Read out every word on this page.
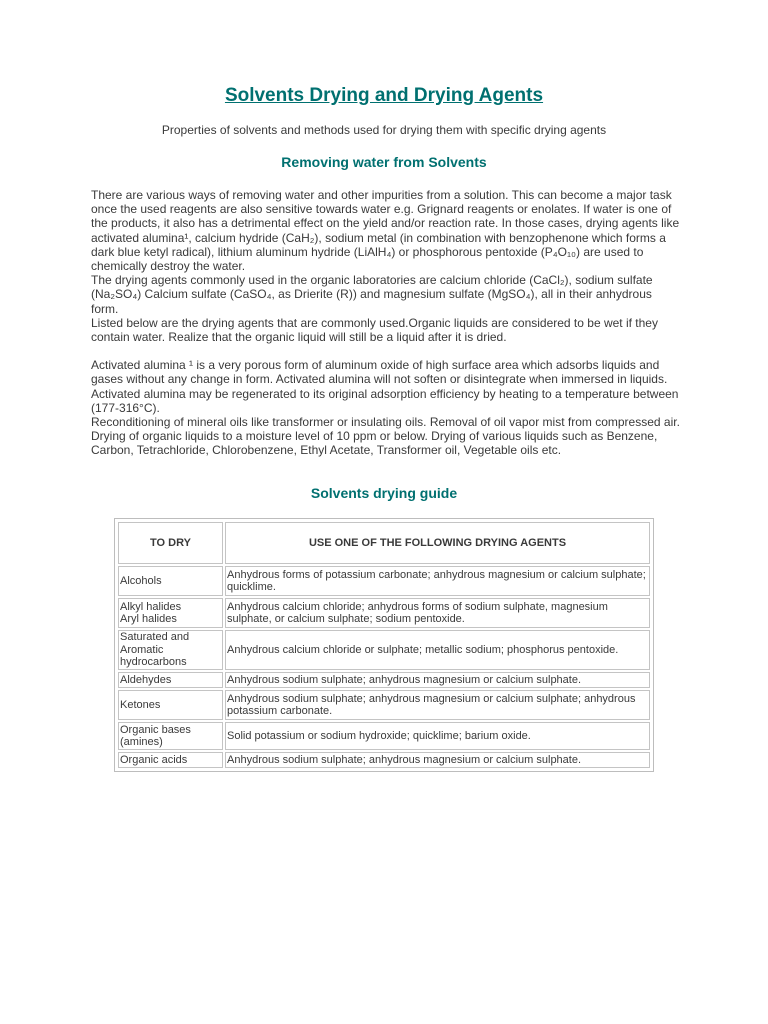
Solvents Drying and Drying Agents

Properties of solvents and methods used for drying them with specific drying agents

Removing water from Solvents

There are various ways of removing water and other impurities from a solution. This can become a major task once the used reagents are also sensitive towards water e.g. Grignard reagents or enolates. If water is one of the products, it also has a detrimental effect on the yield and/or reaction rate. In those cases, drying agents like activated alumina¹, calcium hydride (CaH₂), sodium metal (in combination with benzophenone which forms a dark blue ketyl radical), lithium aluminum hydride (LiAlH₄) or phosphorous pentoxide (P₄O₁₀) are used to chemically destroy the water.

The drying agents commonly used in the organic laboratories are calcium chloride (CaCl₂), sodium sulfate (Na₂SO₄) Calcium sulfate (CaSO₄, as Drierite (R)) and magnesium sulfate (MgSO₄), all in their anhydrous form.

Listed below are the drying agents that are commonly used.Organic liquids are considered to be wet if they contain water. Realize that the organic liquid will still be a liquid after it is dried.

Activated alumina ¹ is a very porous form of aluminum oxide of high surface area which adsorbs liquids and gases without any change in form. Activated alumina will not soften or disintegrate when immersed in liquids. Activated alumina may be regenerated to its original adsorption efficiency by heating to a temperature between (177-316°C).

Reconditioning of mineral oils like transformer or insulating oils. Removal of oil vapor mist from compressed air. Drying of organic liquids to a moisture level of 10 ppm or below. Drying of various liquids such as Benzene, Carbon, Tetrachloride, Chlorobenzene, Ethyl Acetate, Transformer oil, Vegetable oils etc.

Solvents drying guide
TO DRY	USE ONE OF THE FOLLOWING DRYING AGENTS
Alcohols	Anhydrous forms of potassium carbonate; anhydrous magnesium or calcium sulphate; quicklime.
Alkyl halides
Aryl halides	Anhydrous calcium chloride; anhydrous forms of sodium sulphate, magnesium sulphate, or calcium sulphate; sodium pentoxide.
Saturated and Aromatic hydrocarbons	Anhydrous calcium chloride or sulphate; metallic sodium; phosphorus pentoxide.
Aldehydes	Anhydrous sodium sulphate; anhydrous magnesium or calcium sulphate.
Ketones	Anhydrous sodium sulphate; anhydrous magnesium or calcium sulphate; anhydrous potassium carbonate.
Organic bases (amines)	Solid potassium or sodium hydroxide; quicklime; barium oxide.
Organic acids	Anhydrous sodium sulphate; anhydrous magnesium or calcium sulphate.
